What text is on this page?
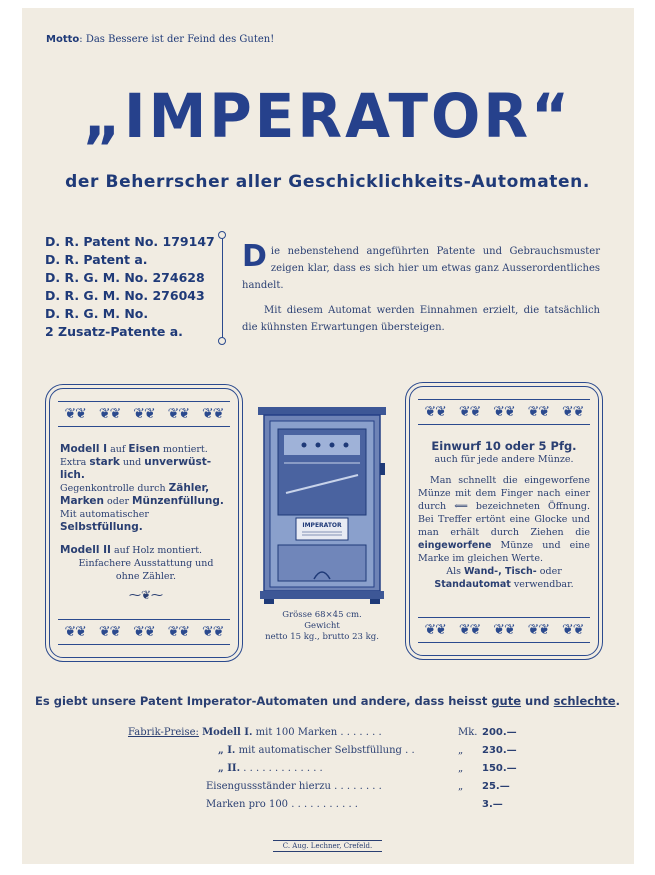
Motto: Das Bessere ist der Feind des Guten!
„IMPERATOR“
der Beherrscher aller Geschicklichkeits-Automaten.
D. R. Patent No. 179147
D. R. Patent a.
D. R. G. M. No. 274628
D. R. G. M. No. 276043
D. R. G. M. No.
2 Zusatz-Patente a.

Die nebenstehend angeführten Patente und Gebrauchsmuster zeigen klar, dass es sich hier um etwas ganz Ausserordentliches handelt.

Mit diesem Automat werden Einnahmen erzielt, die tatsächlich die kühnsten Erwartungen übersteigen.

❦❦ ❦❦ ❦❦ ❦❦ ❦❦
❦❦ ❦❦ ❦❦ ❦❦ ❦❦
Modell I auf Eisen montiert.
Extra stark und unverwüst-
lich.
Gegenkontrolle durch Zähler,
Marken oder Münzenfüllung.
Mit automatischer Selbstfüllung.
Modell II auf Holz montiert.
Einfachere Ausstattung und
ohne Zähler.
⁓❦⁓
IMPERATOR
Grösse 68×45 cm.
Gewicht
netto 15 kg., brutto 23 kg.
❦❦ ❦❦ ❦❦ ❦❦ ❦❦
❦❦ ❦❦ ❦❦ ❦❦ ❦❦
Einwurf 10 oder 5 Pfg.
auch für jede andere Münze.
Man schnellt die eingeworfene Münze mit dem Finger nach einer durch ⟸ bezeichneten Öffnung. Bei Treffer ertönt eine Glocke und man erhält durch Ziehen die eingeworfene Münze und eine Marke im gleichen Werte.
Als Wand-, Tisch- oder
Standautomat verwendbar.
Es giebt unsere Patent Imperator-Automaten und andere, dass heisst gute und schlechte.
Fabrik-Preise: Modell I. mit 100 Marken . . . . . . .	Mk. 200.—
„ I. mit automatischer Selbstfüllung . .	„ 230.—
„ II. . . . . . . . . . . . . .	„ 150.—
Eisengussständer hierzu . . . . . . . .	„ 25.—
Marken pro 100 . . . . . . . . . . .	3.—
C. Aug. Lechner, Crefeld.
